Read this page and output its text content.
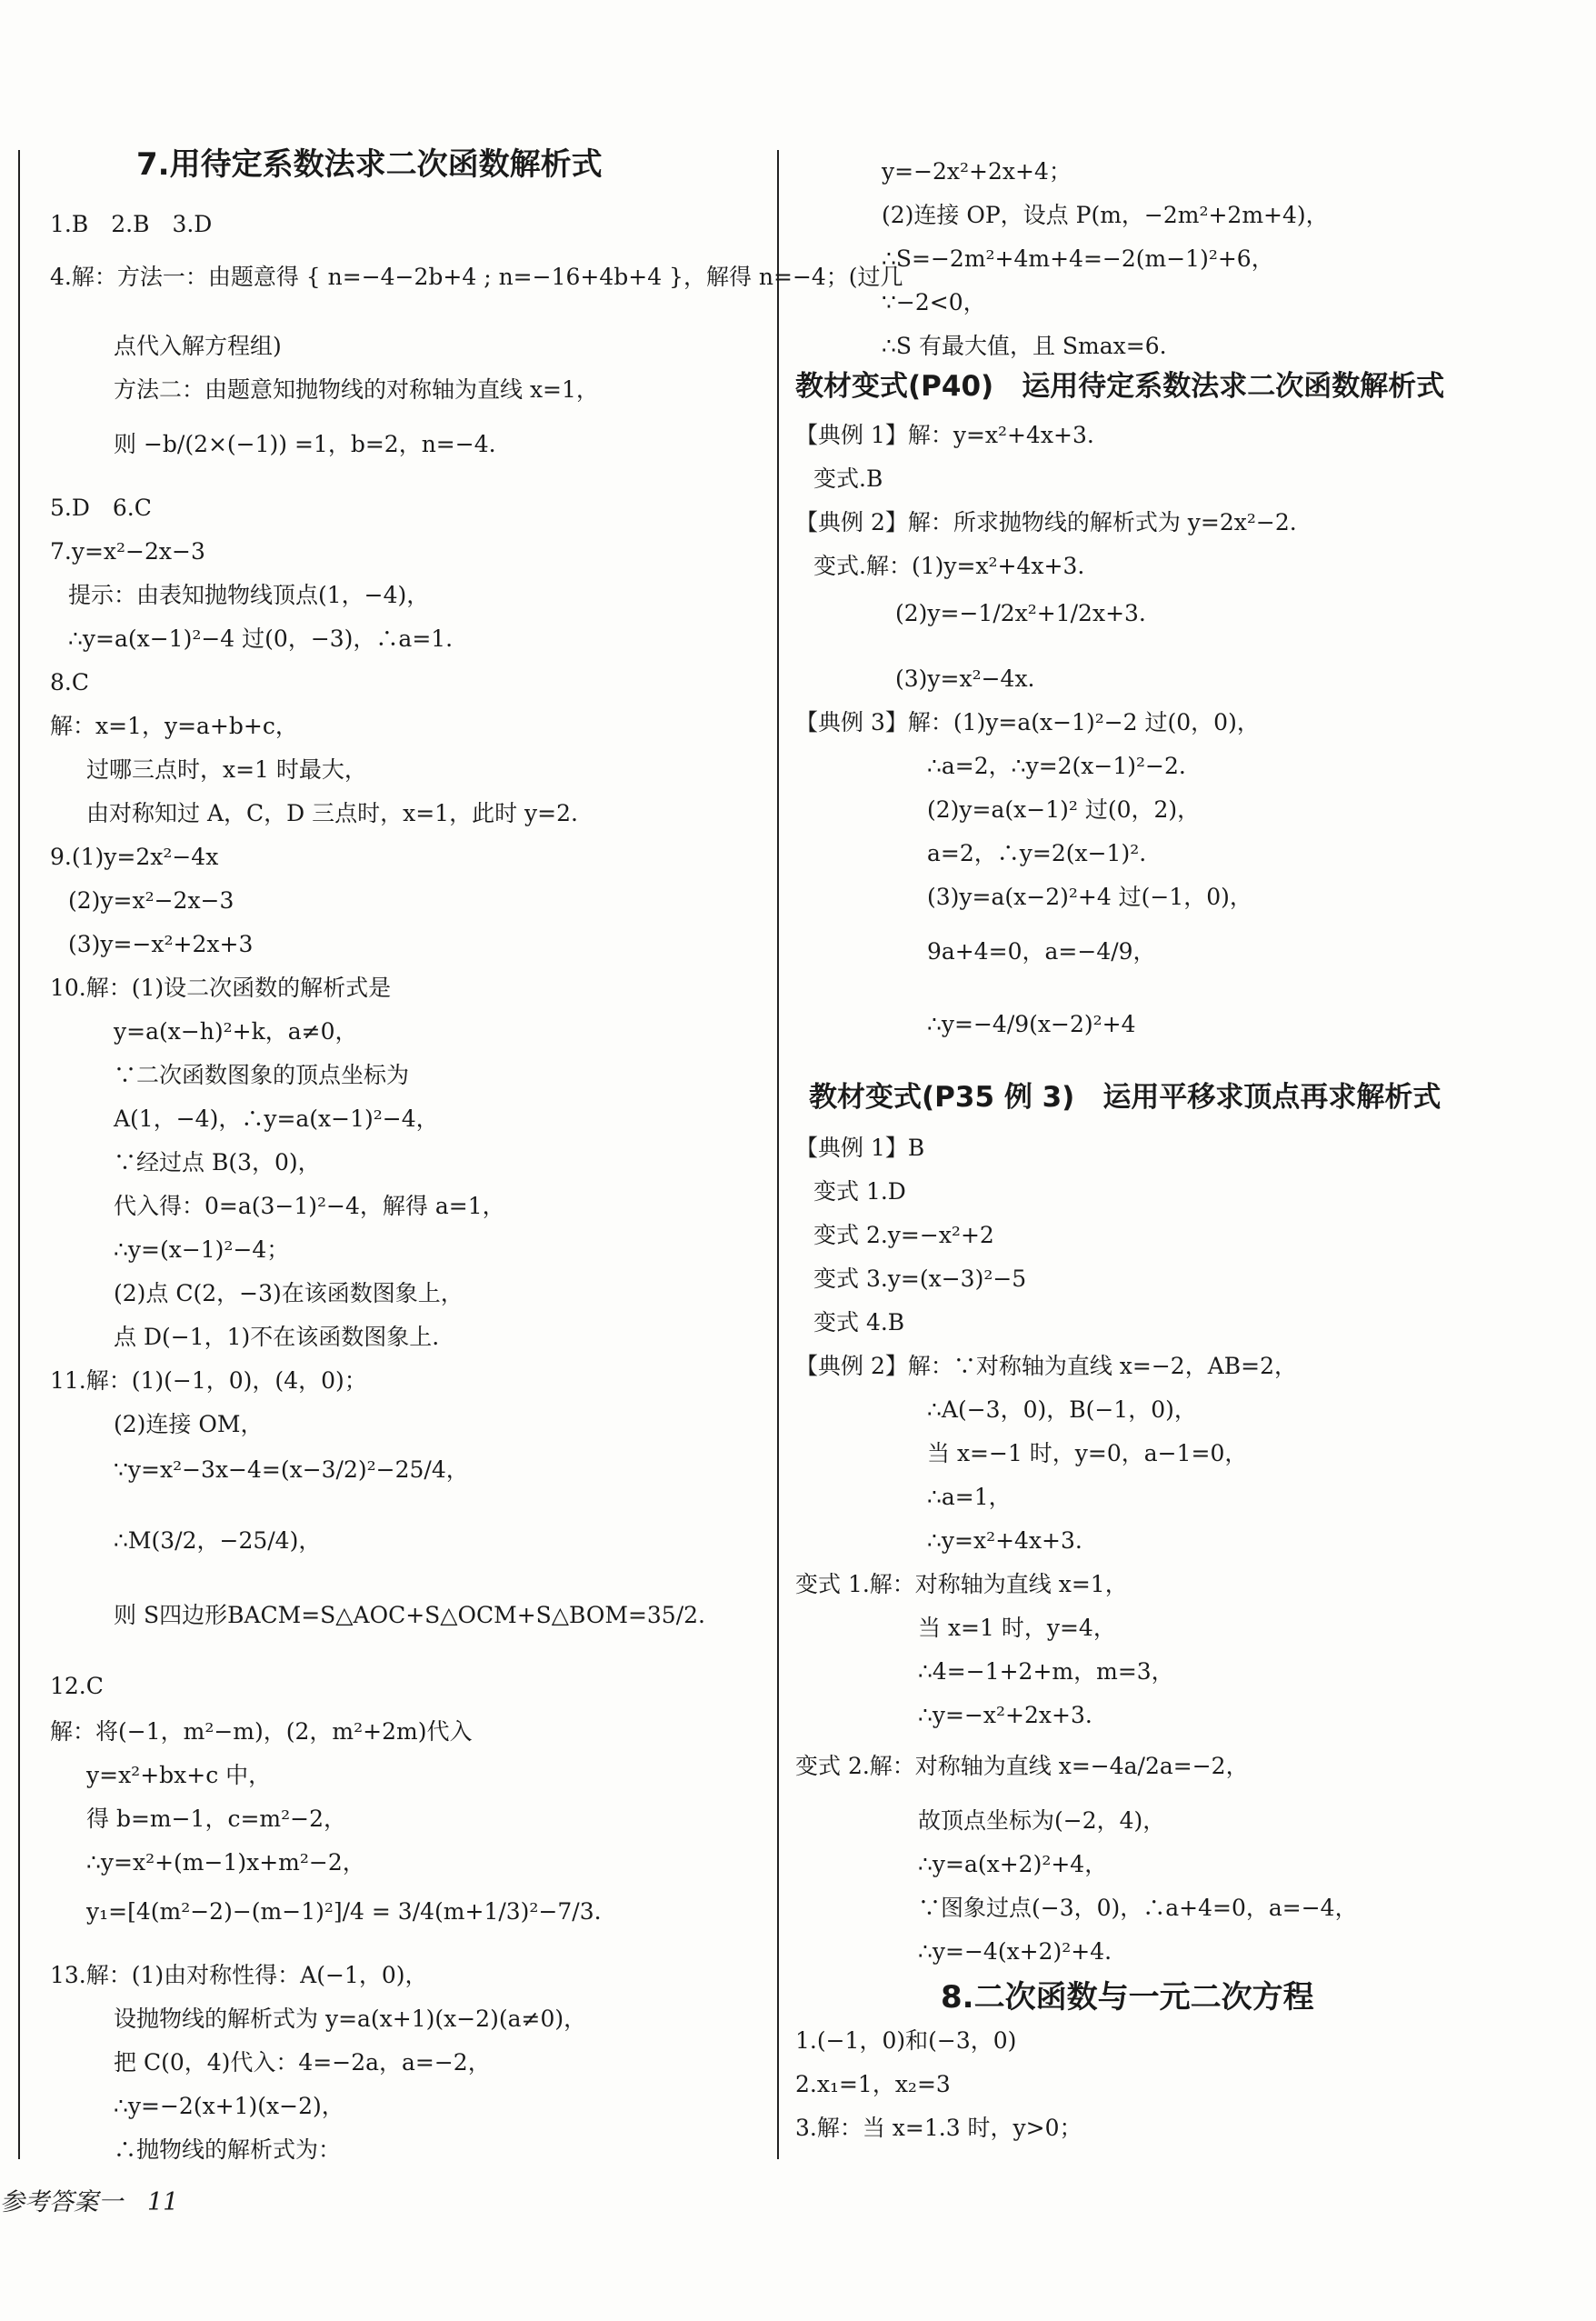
7.用待定系数法求二次函数解析式
1.B　2.B　3.D
4.解：方法一：由题意得 { n=−4−2b+4 ; n=−16+4b+4 }，解得 n=−4；(过几
点代入解方程组)
方法二：由题意知抛物线的对称轴为直线 x=1，
则 −b/(2×(−1)) =1，b=2，n=−4.
5.D　6.C
7.y=x²−2x−3
提示：由表知抛物线顶点(1，−4)，
∴y=a(x−1)²−4 过(0，−3)，∴a=1.
8.C
解：x=1，y=a+b+c，
过哪三点时，x=1 时最大，
由对称知过 A，C，D 三点时，x=1，此时 y=2.
9.(1)y=2x²−4x
(2)y=x²−2x−3
(3)y=−x²+2x+3
10.解：(1)设二次函数的解析式是
y=a(x−h)²+k，a≠0，
∵二次函数图象的顶点坐标为
A(1，−4)，∴y=a(x−1)²−4，
∵经过点 B(3，0)，
代入得：0=a(3−1)²−4，解得 a=1，
∴y=(x−1)²−4；
(2)点 C(2，−3)在该函数图象上，
点 D(−1，1)不在该函数图象上.
11.解：(1)(−1，0)，(4，0)；
(2)连接 OM，
∵y=x²−3x−4=(x−3/2)²−25/4，
∴M(3/2，−25/4)，
则 S四边形BACM=S△AOC+S△OCM+S△BOM=35/2.
12.C
解：将(−1，m²−m)，(2，m²+2m)代入
y=x²+bx+c 中，
得 b=m−1，c=m²−2，
∴y=x²+(m−1)x+m²−2，
y₁=[4(m²−2)−(m−1)²]/4 = 3/4(m+1/3)²−7/3.
13.解：(1)由对称性得：A(−1，0)，
设抛物线的解析式为 y=a(x+1)(x−2)(a≠0)，
把 C(0，4)代入：4=−2a，a=−2，
∴y=−2(x+1)(x−2)，
∴抛物线的解析式为：
y=−2x²+2x+4；
(2)连接 OP，设点 P(m，−2m²+2m+4)，
∴S=−2m²+4m+4=−2(m−1)²+6，
∵−2<0，
∴S 有最大值，且 Smax=6.
教材变式(P40)　运用待定系数法求二次函数解析式
【典例 1】解：y=x²+4x+3.
变式.B
【典例 2】解：所求抛物线的解析式为 y=2x²−2.
变式.解：(1)y=x²+4x+3.
(2)y=−1/2x²+1/2x+3.
(3)y=x²−4x.
【典例 3】解：(1)y=a(x−1)²−2 过(0，0)，
∴a=2，∴y=2(x−1)²−2.
(2)y=a(x−1)² 过(0，2)，
a=2，∴y=2(x−1)².
(3)y=a(x−2)²+4 过(−1，0)，
9a+4=0，a=−4/9，
∴y=−4/9(x−2)²+4
教材变式(P35 例 3)　运用平移求顶点再求解析式
【典例 1】B
变式 1.D
变式 2.y=−x²+2
变式 3.y=(x−3)²−5
变式 4.B
【典例 2】解：∵对称轴为直线 x=−2，AB=2，
∴A(−3，0)，B(−1，0)，
当 x=−1 时，y=0，a−1=0，
∴a=1，
∴y=x²+4x+3.
变式 1.解：对称轴为直线 x=1，
当 x=1 时，y=4，
∴4=−1+2+m，m=3，
∴y=−x²+2x+3.
变式 2.解：对称轴为直线 x=−4a/2a=−2，
故顶点坐标为(−2，4)，
∴y=a(x+2)²+4，
∵图象过点(−3，0)，∴a+4=0，a=−4，
∴y=−4(x+2)²+4.
8.二次函数与一元二次方程
1.(−1，0)和(−3，0)
2.x₁=1，x₂=3
3.解：当 x=1.3 时，y>0；
参考答案一　11
